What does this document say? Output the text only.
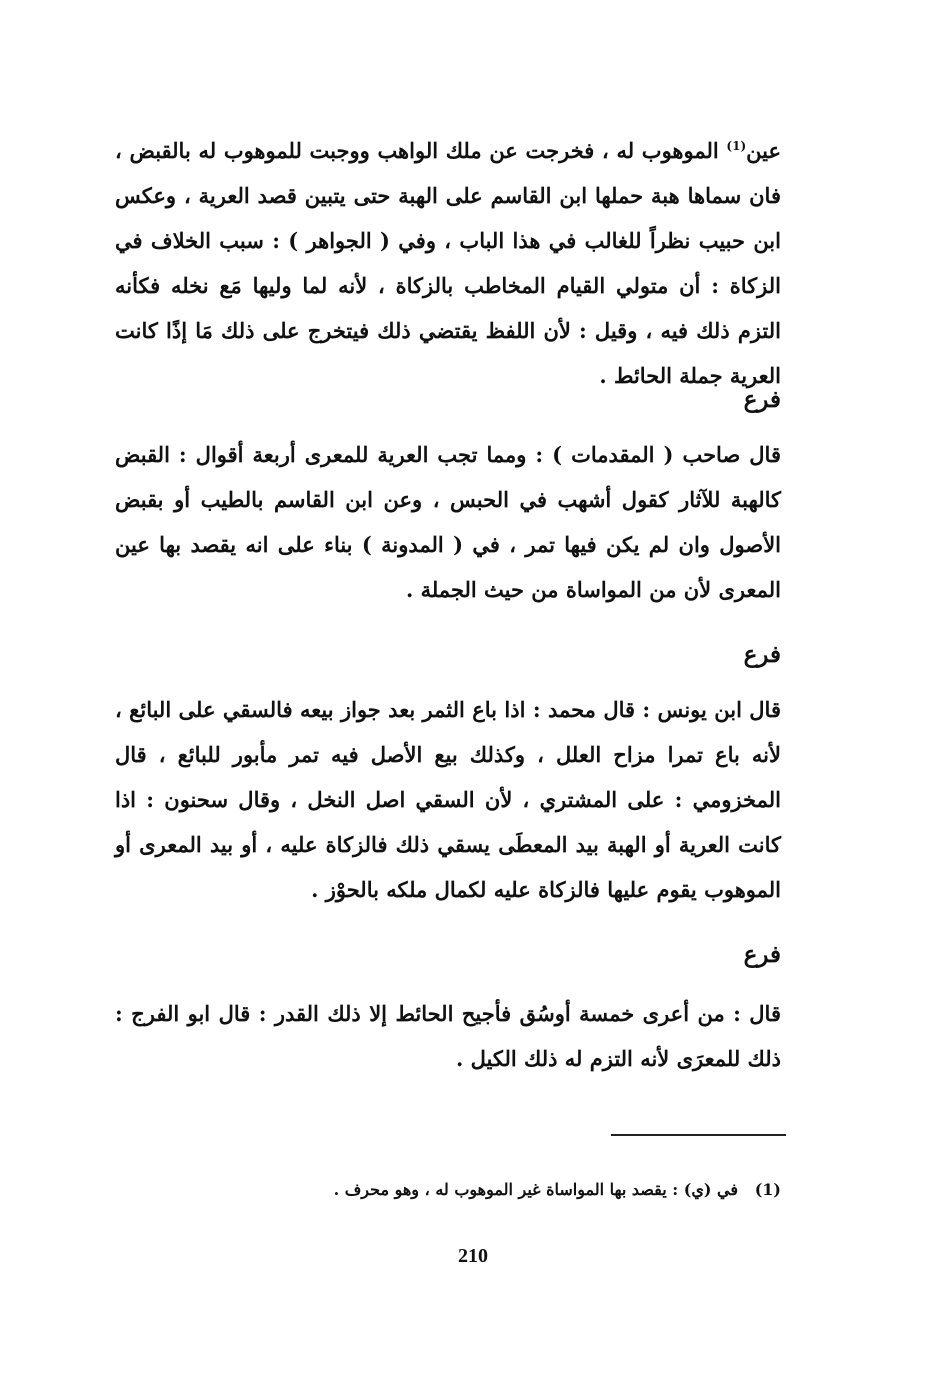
عين$^{(1)}$ الموهوب له ، فخرجت عن ملك الواهب ووجبت للموهوب له بالقبض ، فان سماها هبة حملها ابن القاسم على الهبة حتى يتبين قصد العرية ، وعكس ابن حبيب نظراً للغالب في هذا الباب ، وفي ( الجواهر ) : سبب الخلاف في الزكاة : أن متولي القيام المخاطب بالزكاة ، لأنه لما وليها مَع نخله فكأنه التزم ذلك فيه ، وقيل : لأن اللفظ يقتضي ذلك فيتخرج على ذلك مَا إذًا كانت العرية جملة الحائط .

فرع

قال صاحب ( المقدمات ) : ومما تجب العرية للمعرى أربعة أقوال : القبض كالهبة للآثار كقول أشهب في الحبس ، وعن ابن القاسم بالطيب أو بقبض الأصول وان لم يكن فيها تمر ، في ( المدونة ) بناء على انه يقصد بها عين المعرى لأن من المواساة من حيث الجملة .

فرع

قال ابن يونس : قال محمد : اذا باع الثمر بعد جواز بيعه فالسقي على البائع ، لأنه باع تمرا مزاح العلل ، وكذلك بيع الأصل فيه تمر مأبور للبائع ، قال المخزومي : على المشتري ، لأن السقي اصل النخل ، وقال سحنون : اذا كانت العرية أو الهبة بيد المعطَى يسقي ذلك فالزكاة عليه ، أو بيد المعرى أو الموهوب يقوم عليها فالزكاة عليه لكمال ملكه بالحوْز .

فرع

قال : من أعرى خمسة أوسُق فأجيح الحائط إلا ذلك القدر : قال ابو الفرج : ذلك للمعرَى لأنه التزم له ذلك الكيل .

(1)   في (ي) : يقصد بها المواساة غير الموهوب له ، وهو محرف .
210
